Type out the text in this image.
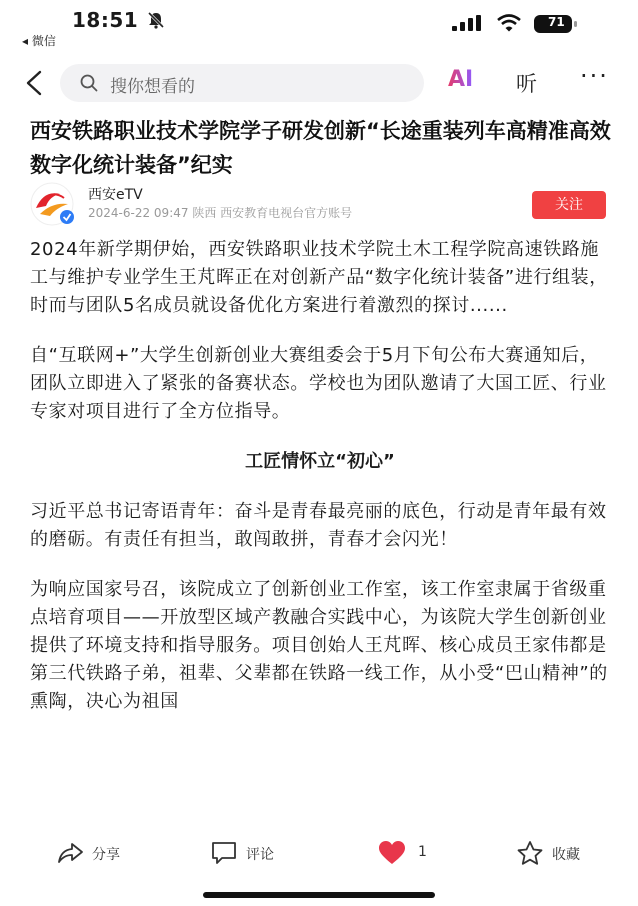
18:51
◂ 微信
71
搜你想看的	AI 听 ···
西安铁路职业技术学院学子研发创新“长途重装列车高精准高效数字化统计装备”纪实
西安eTV
2024-6-22 09:47 陕西 西安教育电视台官方账号	关注

2024年新学期伊始，西安铁路职业技术学院土木工程学院高速铁路施工与维护专业学生王芃晖正在对创新产品“数字化统计装备”进行组装，时而与团队5名成员就设备优化方案进行着激烈的探讨......

自“互联网+”大学生创新创业大赛组委会于5月下旬公布大赛通知后，团队立即进入了紧张的备赛状态。学校也为团队邀请了大国工匠、行业专家对项目进行了全方位指导。

工匠情怀立“初心”

习近平总书记寄语青年：奋斗是青春最亮丽的底色，行动是青年最有效的磨砺。有责任有担当，敢闯敢拼，青春才会闪光！

为响应国家号召，该院成立了创新创业工作室，该工作室隶属于省级重点培育项目——开放型区域产教融合实践中心，为该院大学生创新创业提供了环境支持和指导服务。项目创始人王芃晖、核心成员王家伟都是第三代铁路子弟，祖辈、父辈都在铁路一线工作，从小受“巴山精神”的熏陶，决心为祖国

分享	评论	1	收藏
